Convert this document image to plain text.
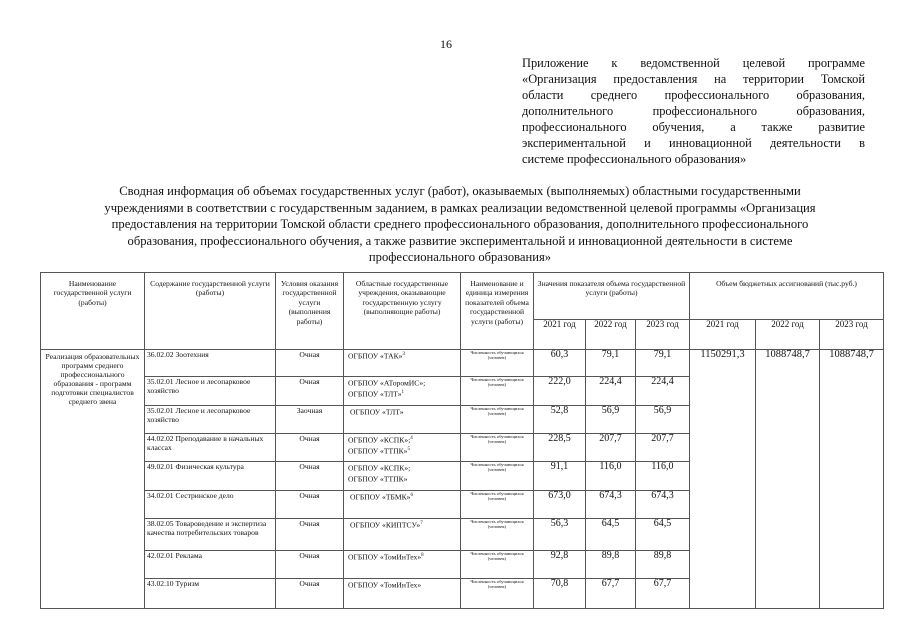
16
Приложение к ведомственной целевой программе
«Организация предоставления на территории Томской
области среднего профессионального образования,
дополнительного профессионального образования,
профессионального обучения, а также развитие
экспериментальной и инновационной деятельности в
системе профессионального образования»
Сводная информация об объемах государственных услуг (работ), оказываемых (выполняемых) областными государственными
учреждениями в соответствии с государственным заданием, в рамках реализации ведомственной целевой программы «Организация
предоставления на территории Томской области среднего профессионального образования, дополнительного профессионального
образования, профессионального обучения, а также развитие экспериментальной и инновационной деятельности в системе
профессионального образования»
Наименование государственной услуги (работы)	Содержание государственной услуги (работы)	Условия оказания государственной услуги (выполнения работы)	Областные государственные учреждения, оказывающие государственную услугу (выполняющие работы)	Наименование и единица измерения показателей объема государственной услуги (работы)	Значения показателя объема государственной услуги (работы)			Объем бюджетных ассигнований (тыс.руб.)		
					2021 год	2022 год	2023 год	2021 год	2022 год	2023 год
Реализация образовательных программ среднего профессионального образования - программ подготовки специалистов среднего звена	36.02.02 Зоотехния	Очная	ОГБПОУ «ТАК»$^3$	Численность обучающихся (человек)	60,3	79,1	79,1	1150291,3	1088748,7	1088748,7
	35.02.01 Лесное и лесопарковое хозяйство	Очная	ОГБПОУ «АТоромИС»;
ОГБПОУ «ТЛТ»$^1$	Численность обучающихся (человек)	222,0	224,4	224,4			
	35.02.01 Лесное и лесопарковое хозяйство	Заочная	ОГБПОУ «ТЛТ»	Численность обучающихся (человек)	52,8	56,9	56,9			
	44.02.02 Преподавание в начальных классах	Очная	ОГБПОУ «КСПК»;$^4$
ОГБПОУ «ТТПК»$^5$	Численность обучающихся (человек)	228,5	207,7	207,7			
	49.02.01 Физическая культура	Очная	ОГБПОУ «КСПК»;
ОГБПОУ «ТТПК»	Численность обучающихся (человек)	91,1	116,0	116,0			
	34.02.01 Сестринское дело	Очная	ОГБПОУ «ТБМК»$^6$	Численность обучающихся (человек)	673,0	674,3	674,3			
	38.02.05 Товароведение и экспертиза качества потребительских товаров	Очная	ОГБПОУ «КИПТСУ»$^7$	Численность обучающихся (человек)	56,3	64,5	64,5			
	42.02.01 Реклама	Очная	ОГБПОУ «ТомИнТех»$^8$	Численность обучающихся (человек)	92,8	89,8	89,8			
	43.02.10 Туризм	Очная	ОГБПОУ «ТомИнТех»	Численность обучающихся (человек)	70,8	67,7	67,7			
